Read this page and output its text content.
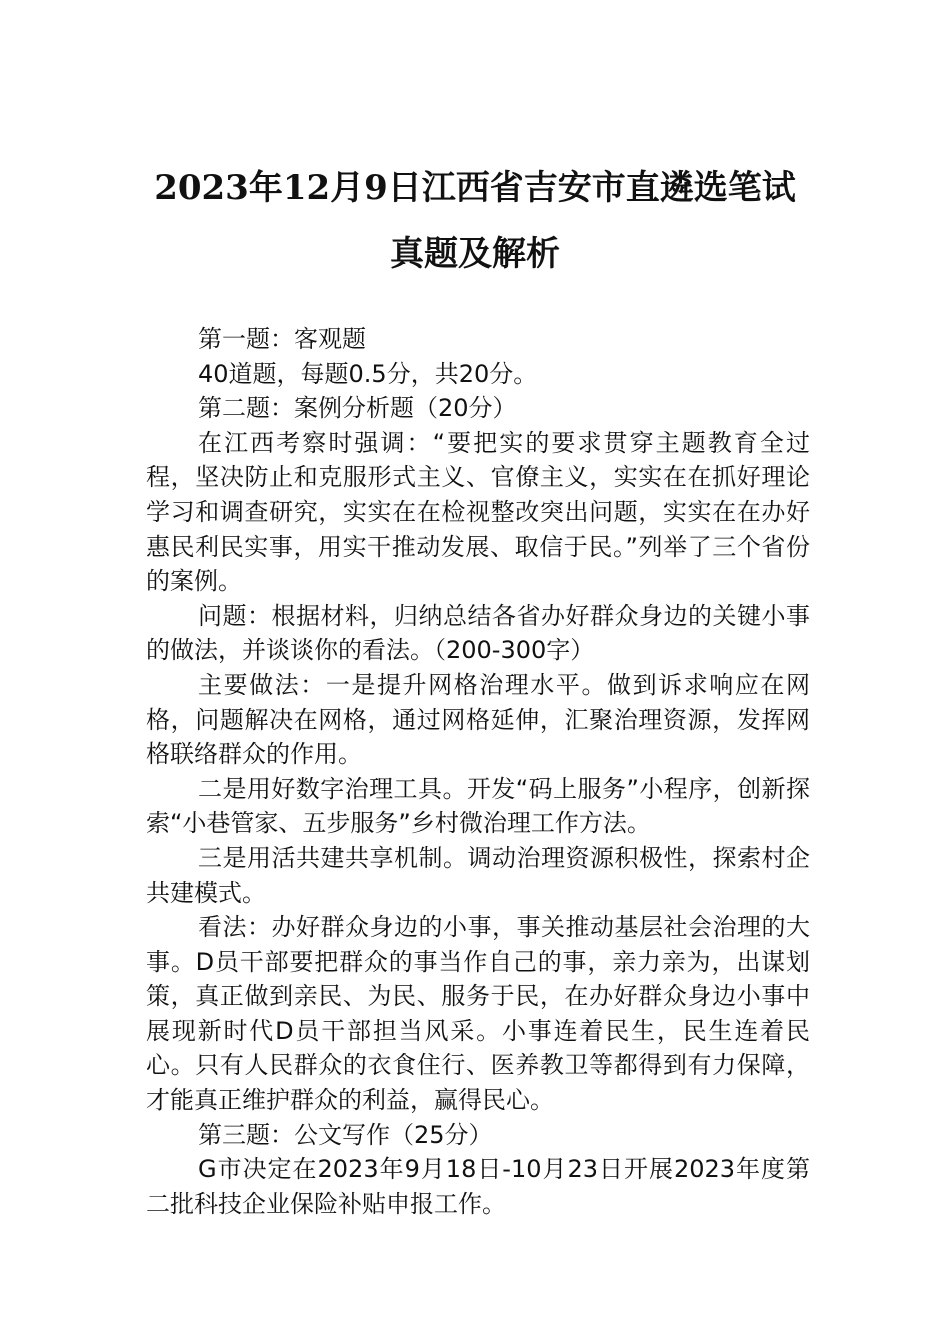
2023年12月9日江西省吉安市直遴选笔试
真题及解析

第一题：客观题

40道题，每题0.5分，共20分。

第二题：案例分析题（20分）

在江西考察时强调：“要把实的要求贯穿主题教育全过程，坚决防止和克服形式主义、官僚主义，实实在在抓好理论学习和调查研究，实实在在检视整改突出问题，实实在在办好惠民利民实事，用实干推动发展、取信于民。”列举了三个省份的案例。

问题：根据材料，归纳总结各省办好群众身边的关键小事的做法，并谈谈你的看法。（200-300字）

主要做法：一是提升网格治理水平。做到诉求响应在网格，问题解决在网格，通过网格延伸，汇聚治理资源，发挥网格联络群众的作用。

二是用好数字治理工具。开发“码上服务”小程序，创新探索“小巷管家、五步服务”乡村微治理工作方法。

三是用活共建共享机制。调动治理资源积极性，探索村企共建模式。

看法：办好群众身边的小事，事关推动基层社会治理的大事。D员干部要把群众的事当作自己的事，亲力亲为，出谋划策，真正做到亲民、为民、服务于民，在办好群众身边小事中展现新时代D员干部担当风采。小事连着民生，民生连着民心。只有人民群众的衣食住行、医养教卫等都得到有力保障，才能真正维护群众的利益，赢得民心。

第三题：公文写作（25分）

G市决定在2023年9月18日-10月23日开展2023年度第二批科技企业保险补贴申报工作。
